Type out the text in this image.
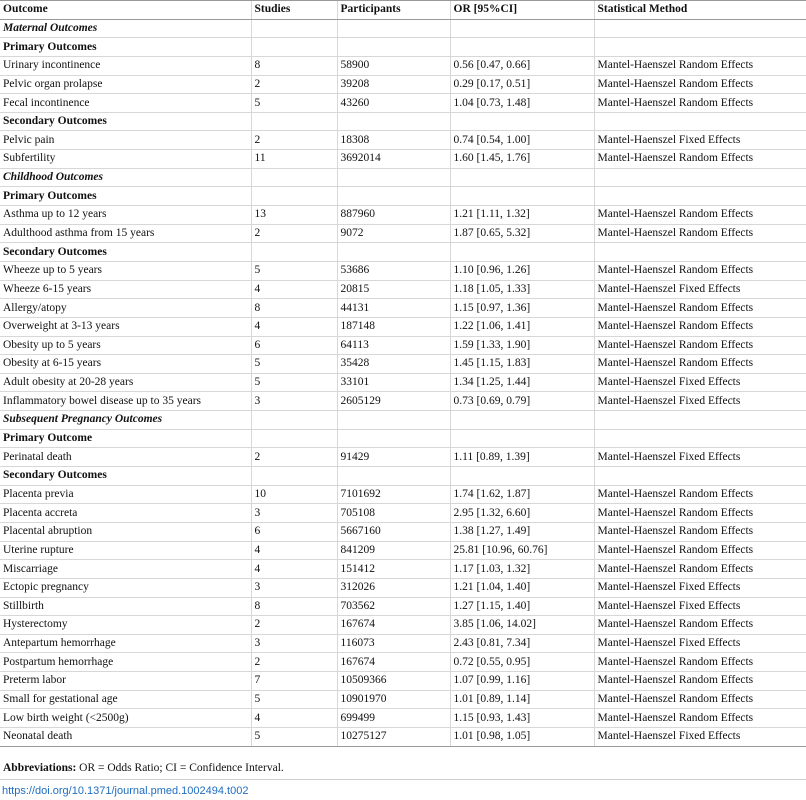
Outcome	Studies	Participants	OR [95%CI]	Statistical Method
Maternal Outcomes				
Primary Outcomes				
Urinary incontinence	8	58900	0.56 [0.47, 0.66]	Mantel-Haenszel Random Effects
Pelvic organ prolapse	2	39208	0.29 [0.17, 0.51]	Mantel-Haenszel Random Effects
Fecal incontinence	5	43260	1.04 [0.73, 1.48]	Mantel-Haenszel Random Effects
Secondary Outcomes				
Pelvic pain	2	18308	0.74 [0.54, 1.00]	Mantel-Haenszel Fixed Effects
Subfertility	11	3692014	1.60 [1.45, 1.76]	Mantel-Haenszel Random Effects
Childhood Outcomes				
Primary Outcomes				
Asthma up to 12 years	13	887960	1.21 [1.11, 1.32]	Mantel-Haenszel Random Effects
Adulthood asthma from 15 years	2	9072	1.87 [0.65, 5.32]	Mantel-Haenszel Random Effects
Secondary Outcomes				
Wheeze up to 5 years	5	53686	1.10 [0.96, 1.26]	Mantel-Haenszel Random Effects
Wheeze 6-15 years	4	20815	1.18 [1.05, 1.33]	Mantel-Haenszel Fixed Effects
Allergy/atopy	8	44131	1.15 [0.97, 1.36]	Mantel-Haenszel Random Effects
Overweight at 3-13 years	4	187148	1.22 [1.06, 1.41]	Mantel-Haenszel Random Effects
Obesity up to 5 years	6	64113	1.59 [1.33, 1.90]	Mantel-Haenszel Random Effects
Obesity at 6-15 years	5	35428	1.45 [1.15, 1.83]	Mantel-Haenszel Random Effects
Adult obesity at 20-28 years	5	33101	1.34 [1.25, 1.44]	Mantel-Haenszel Fixed Effects
Inflammatory bowel disease up to 35 years	3	2605129	0.73 [0.69, 0.79]	Mantel-Haenszel Fixed Effects
Subsequent Pregnancy Outcomes				
Primary Outcome				
Perinatal death	2	91429	1.11 [0.89, 1.39]	Mantel-Haenszel Fixed Effects
Secondary Outcomes				
Placenta previa	10	7101692	1.74 [1.62, 1.87]	Mantel-Haenszel Random Effects
Placenta accreta	3	705108	2.95 [1.32, 6.60]	Mantel-Haenszel Random Effects
Placental abruption	6	5667160	1.38 [1.27, 1.49]	Mantel-Haenszel Random Effects
Uterine rupture	4	841209	25.81 [10.96, 60.76]	Mantel-Haenszel Random Effects
Miscarriage	4	151412	1.17 [1.03, 1.32]	Mantel-Haenszel Random Effects
Ectopic pregnancy	3	312026	1.21 [1.04, 1.40]	Mantel-Haenszel Fixed Effects
Stillbirth	8	703562	1.27 [1.15, 1.40]	Mantel-Haenszel Fixed Effects
Hysterectomy	2	167674	3.85 [1.06, 14.02]	Mantel-Haenszel Random Effects
Antepartum hemorrhage	3	116073	2.43 [0.81, 7.34]	Mantel-Haenszel Fixed Effects
Postpartum hemorrhage	2	167674	0.72 [0.55, 0.95]	Mantel-Haenszel Random Effects
Preterm labor	7	10509366	1.07 [0.99, 1.16]	Mantel-Haenszel Random Effects
Small for gestational age	5	10901970	1.01 [0.89, 1.14]	Mantel-Haenszel Random Effects
Low birth weight (<2500g)	4	699499	1.15 [0.93, 1.43]	Mantel-Haenszel Random Effects
Neonatal death	5	10275127	1.01 [0.98, 1.05]	Mantel-Haenszel Fixed Effects
Abbreviations: OR = Odds Ratio; CI = Confidence Interval.
https://doi.org/10.1371/journal.pmed.1002494.t002
